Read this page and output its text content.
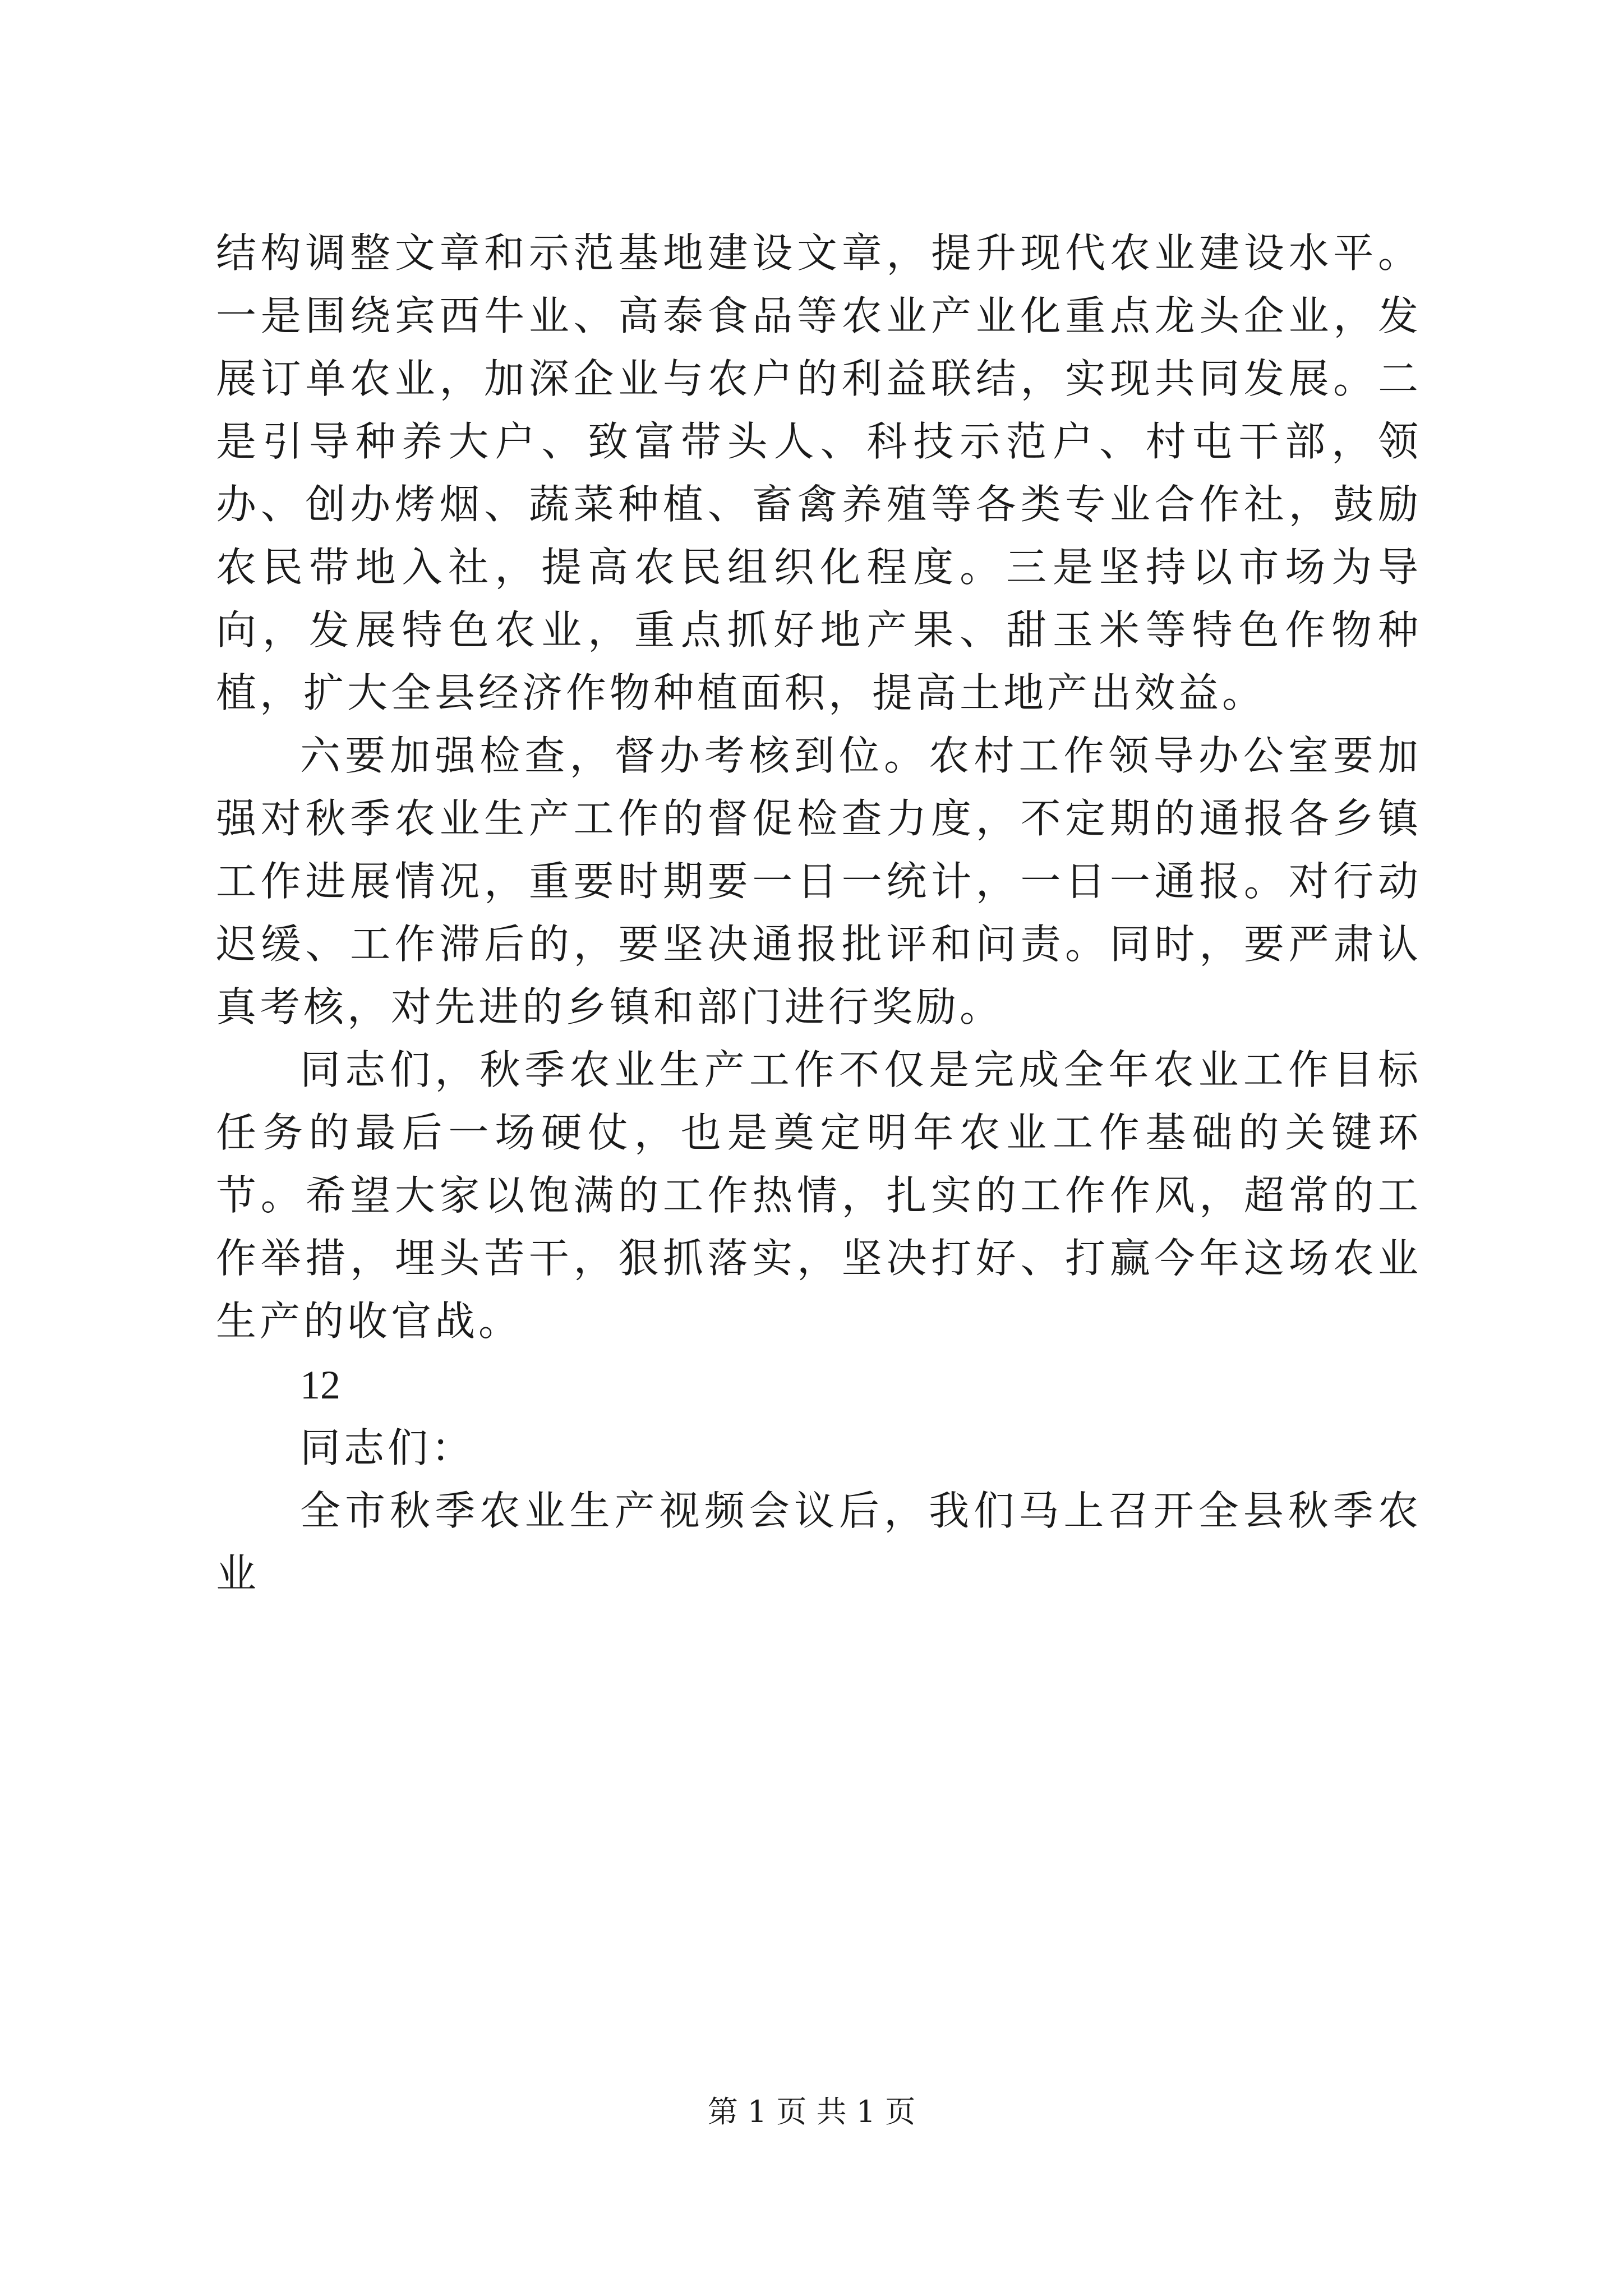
结构调整文章和示范基地建设文章，提升现代农业建设水平。一是围绕宾西牛业、高泰食品等农业产业化重点龙头企业，发展订单农业，加深企业与农户的利益联结，实现共同发展。二是引导种养大户、致富带头人、科技示范户、村屯干部，领办、创办烤烟、蔬菜种植、畜禽养殖等各类专业合作社，鼓励农民带地入社，提高农民组织化程度。三是坚持以市场为导向，发展特色农业，重点抓好地产果、甜玉米等特色作物种植，扩大全县经济作物种植面积，提高土地产出效益。

六要加强检查，督办考核到位。农村工作领导办公室要加强对秋季农业生产工作的督促检查力度，不定期的通报各乡镇工作进展情况，重要时期要一日一统计，一日一通报。对行动迟缓、工作滞后的，要坚决通报批评和问责。同时，要严肃认真考核，对先进的乡镇和部门进行奖励。

同志们，秋季农业生产工作不仅是完成全年农业工作目标任务的最后一场硬仗，也是奠定明年农业工作基础的关键环节。希望大家以饱满的工作热情，扎实的工作作风，超常的工作举措，埋头苦干，狠抓落实，坚决打好、打赢今年这场农业生产的收官战。

12

同志们：

全市秋季农业生产视频会议后，我们马上召开全县秋季农业

第 1 页 共 1 页
